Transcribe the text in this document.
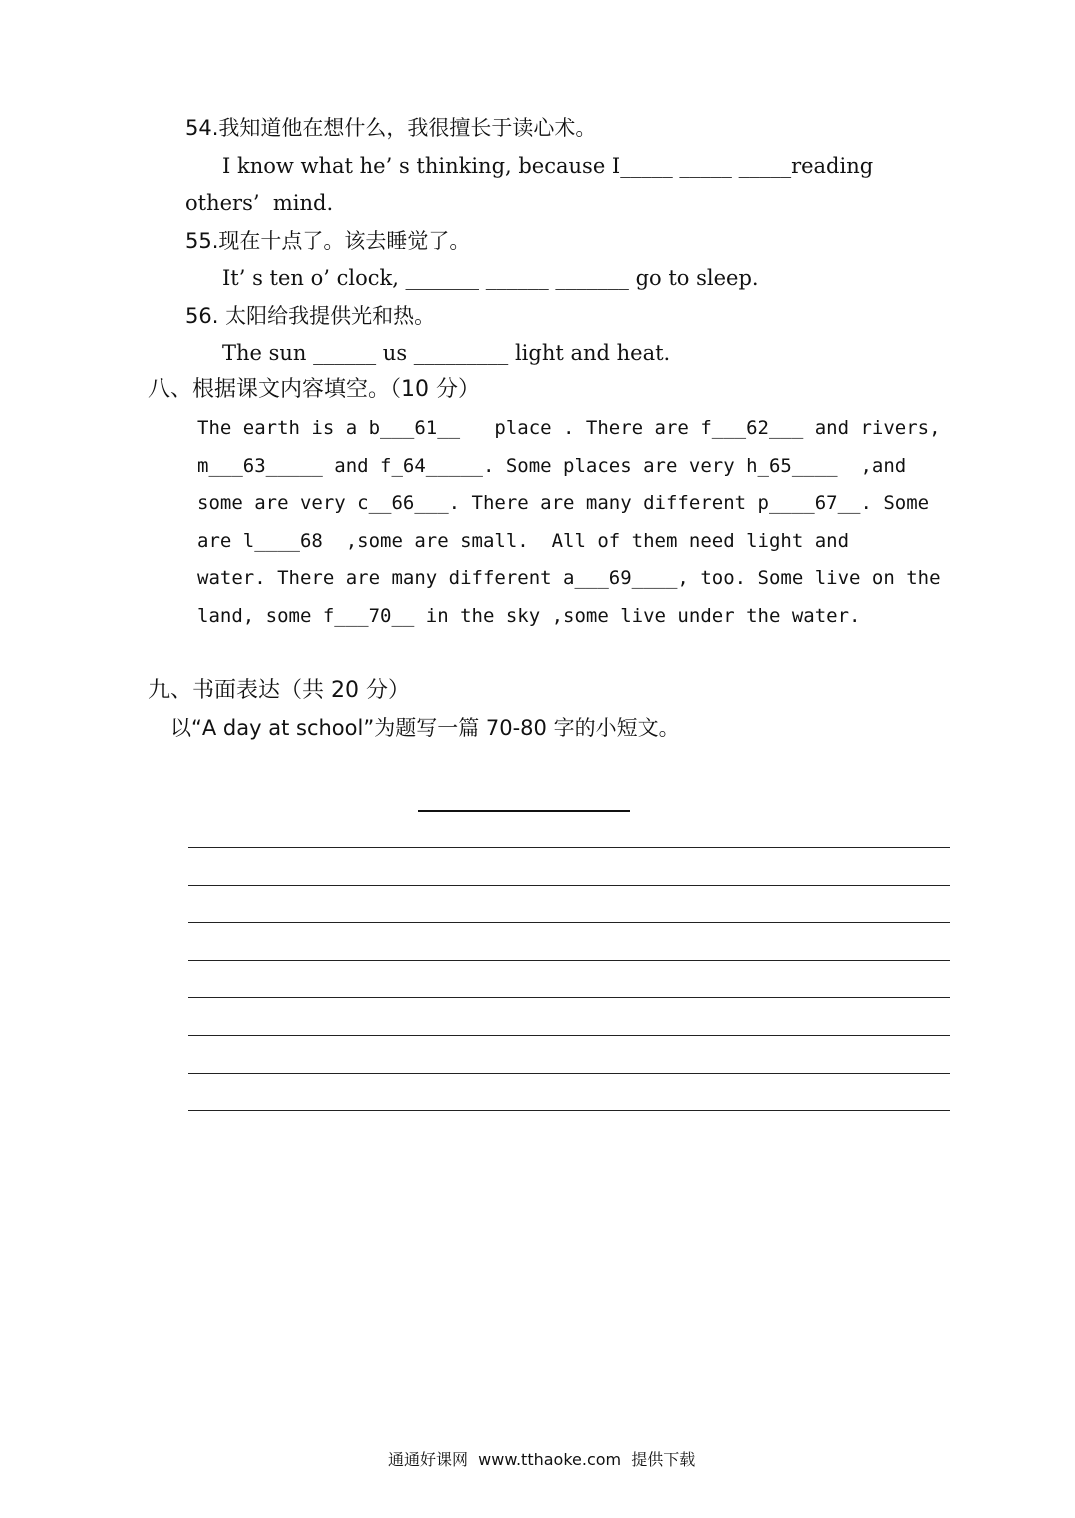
54.我知道他在想什么，我很擅长于读心术。
I know what he’ s thinking, because I_____ _____ _____reading
others’  mind.
55.现在十点了。该去睡觉了。
It’ s ten o’ clock, _______ ______ _______ go to sleep.
56. 太阳给我提供光和热。
The sun ______ us _________ light and heat.
八、根据课文内容填空。（10 分）
The earth is a b___61__   place . There are f___62___ and rivers,
m___63_____ and f_64_____. Some places are very h_65____  ,and
some are very c__66___. There are many different p____67__. Some
are l____68  ,some are small.  All of them need light and
water. There are many different a___69____, too. Some live on the
land, some f___70__ in the sky ,some live under the water.
九、书面表达（共 20 分）
以“A day at school”为题写一篇 70-80 字的小短文。
通通好课网  www.tthaoke.com  提供下载
